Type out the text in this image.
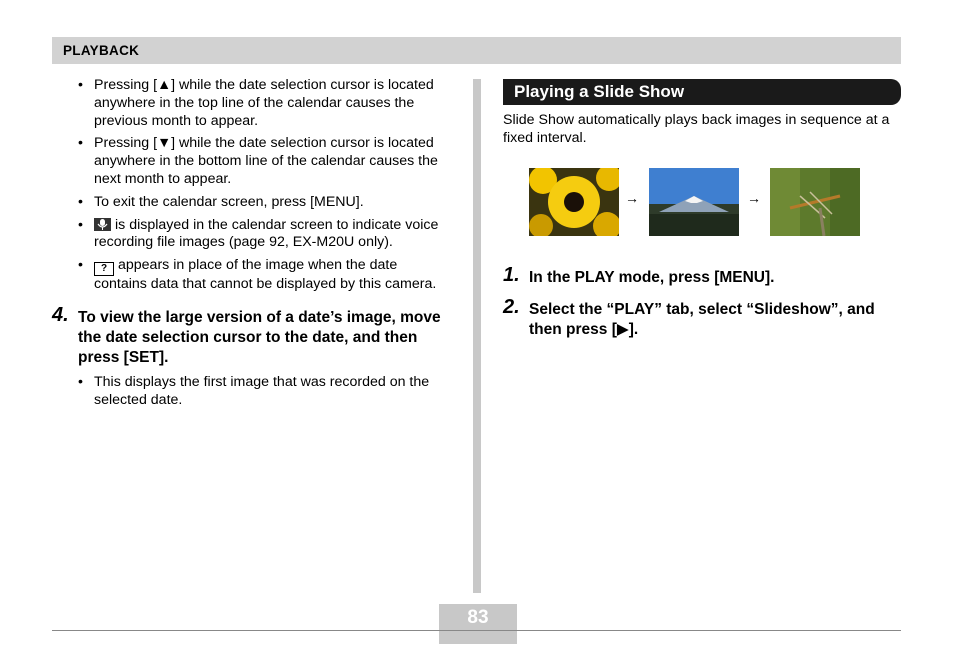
PLAYBACK
• Pressing [▲] while the date selection cursor is located anywhere in the top line of the calendar causes the previous month to appear.
• Pressing [▼] while the date selection cursor is located anywhere in the bottom line of the calendar causes the next month to appear.
• To exit the calendar screen, press [MENU].
• is displayed in the calendar screen to indicate voice recording file images (page 92, EX-M20U only).
• ? appears in place of the image when the date contains data that cannot be displayed by this camera.
4. To view the large version of a date’s image, move the date selection cursor to the date, and then press [SET].
• This displays the first image that was recorded on the selected date.
Playing a Slide Show
Slide Show automatically plays back images in sequence at a fixed interval.
→	→
1. In the PLAY mode, press [MENU].
2. Select the “PLAY” tab, select “Slideshow”, and then press [▶].
83
